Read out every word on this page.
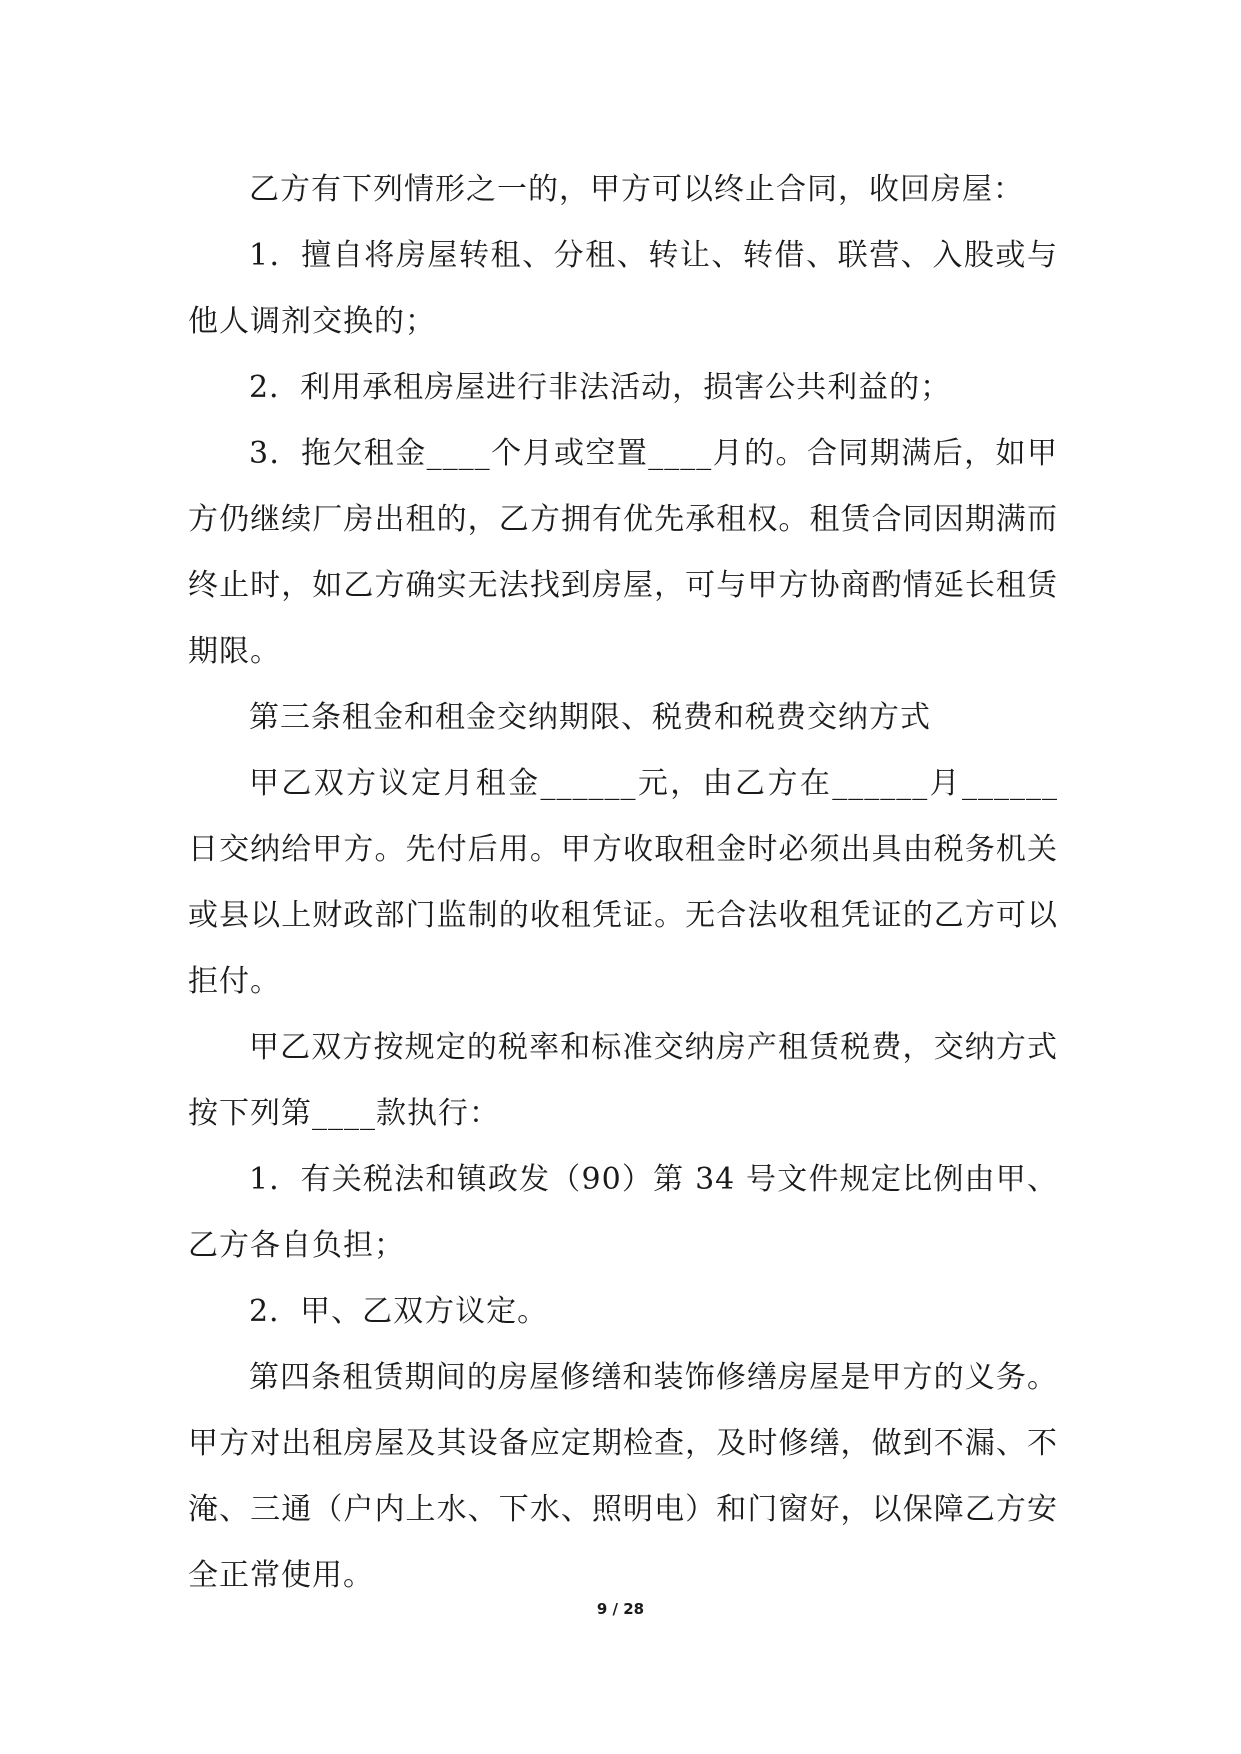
乙方有下列情形之一的，甲方可以终止合同，收回房屋：

1．擅自将房屋转租、分租、转让、转借、联营、入股或与他人调剂交换的；

2．利用承租房屋进行非法活动，损害公共利益的；

3．拖欠租金____个月或空置____月的。合同期满后，如甲方仍继续厂房出租的，乙方拥有优先承租权。租赁合同因期满而终止时，如乙方确实无法找到房屋，可与甲方协商酌情延长租赁期限。

第三条租金和租金交纳期限、税费和税费交纳方式

甲乙双方议定月租金______元，由乙方在______月______日交纳给甲方。先付后用。甲方收取租金时必须出具由税务机关或县以上财政部门监制的收租凭证。无合法收租凭证的乙方可以拒付。

甲乙双方按规定的税率和标准交纳房产租赁税费，交纳方式按下列第____款执行：

1．有关税法和镇政发（90）第 34 号文件规定比例由甲、乙方各自负担；

2．甲、乙双方议定。

第四条租赁期间的房屋修缮和装饰修缮房屋是甲方的义务。甲方对出租房屋及其设备应定期检查，及时修缮，做到不漏、不淹、三通（户内上水、下水、照明电）和门窗好，以保障乙方安全正常使用。

9 / 28
